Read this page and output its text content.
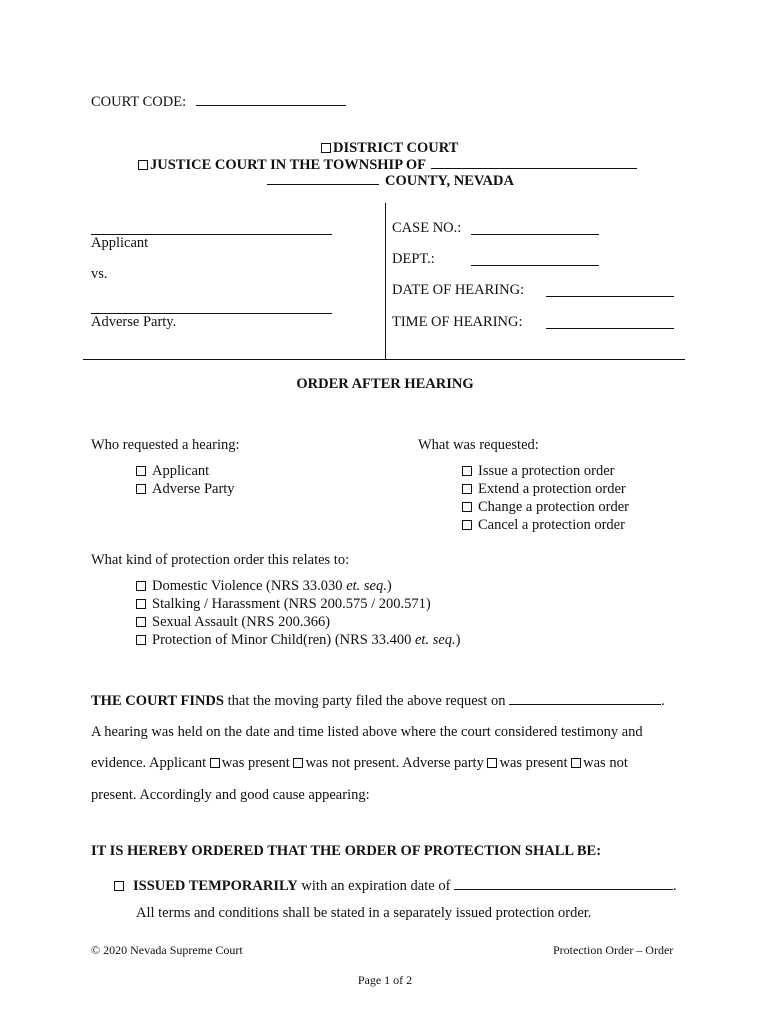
COURT CODE:
DISTRICT COURT
JUSTICE COURT IN THE TOWNSHIP OF
COUNTY, NEVADA
Applicant
vs.
Adverse Party.
CASE NO.:
DEPT.:
DATE OF HEARING:
TIME OF HEARING:
ORDER AFTER HEARING
Who requested a hearing:
Applicant
Adverse Party
What was requested:
Issue a protection order
Extend a protection order
Change a protection order
Cancel a protection order
What kind of protection order this relates to:
Domestic Violence (NRS 33.030 et. seq.)
Stalking / Harassment (NRS 200.575 / 200.571)
Sexual Assault (NRS 200.366)
Protection of Minor Child(ren) (NRS 33.400 et. seq.)
THE COURT FINDS that the moving party filed the above request on	.
A hearing was held on the date and time listed above where the court considered testimony and
evidence. Applicant was present was not present. Adverse party was present was not
present. Accordingly and good cause appearing:
IT IS HEREBY ORDERED THAT THE ORDER OF PROTECTION SHALL BE:
ISSUED TEMPORARILY with an expiration date of	.
All terms and conditions shall be stated in a separately issued protection order.
© 2020 Nevada Supreme Court	Protection Order – Order
Page 1 of 2
